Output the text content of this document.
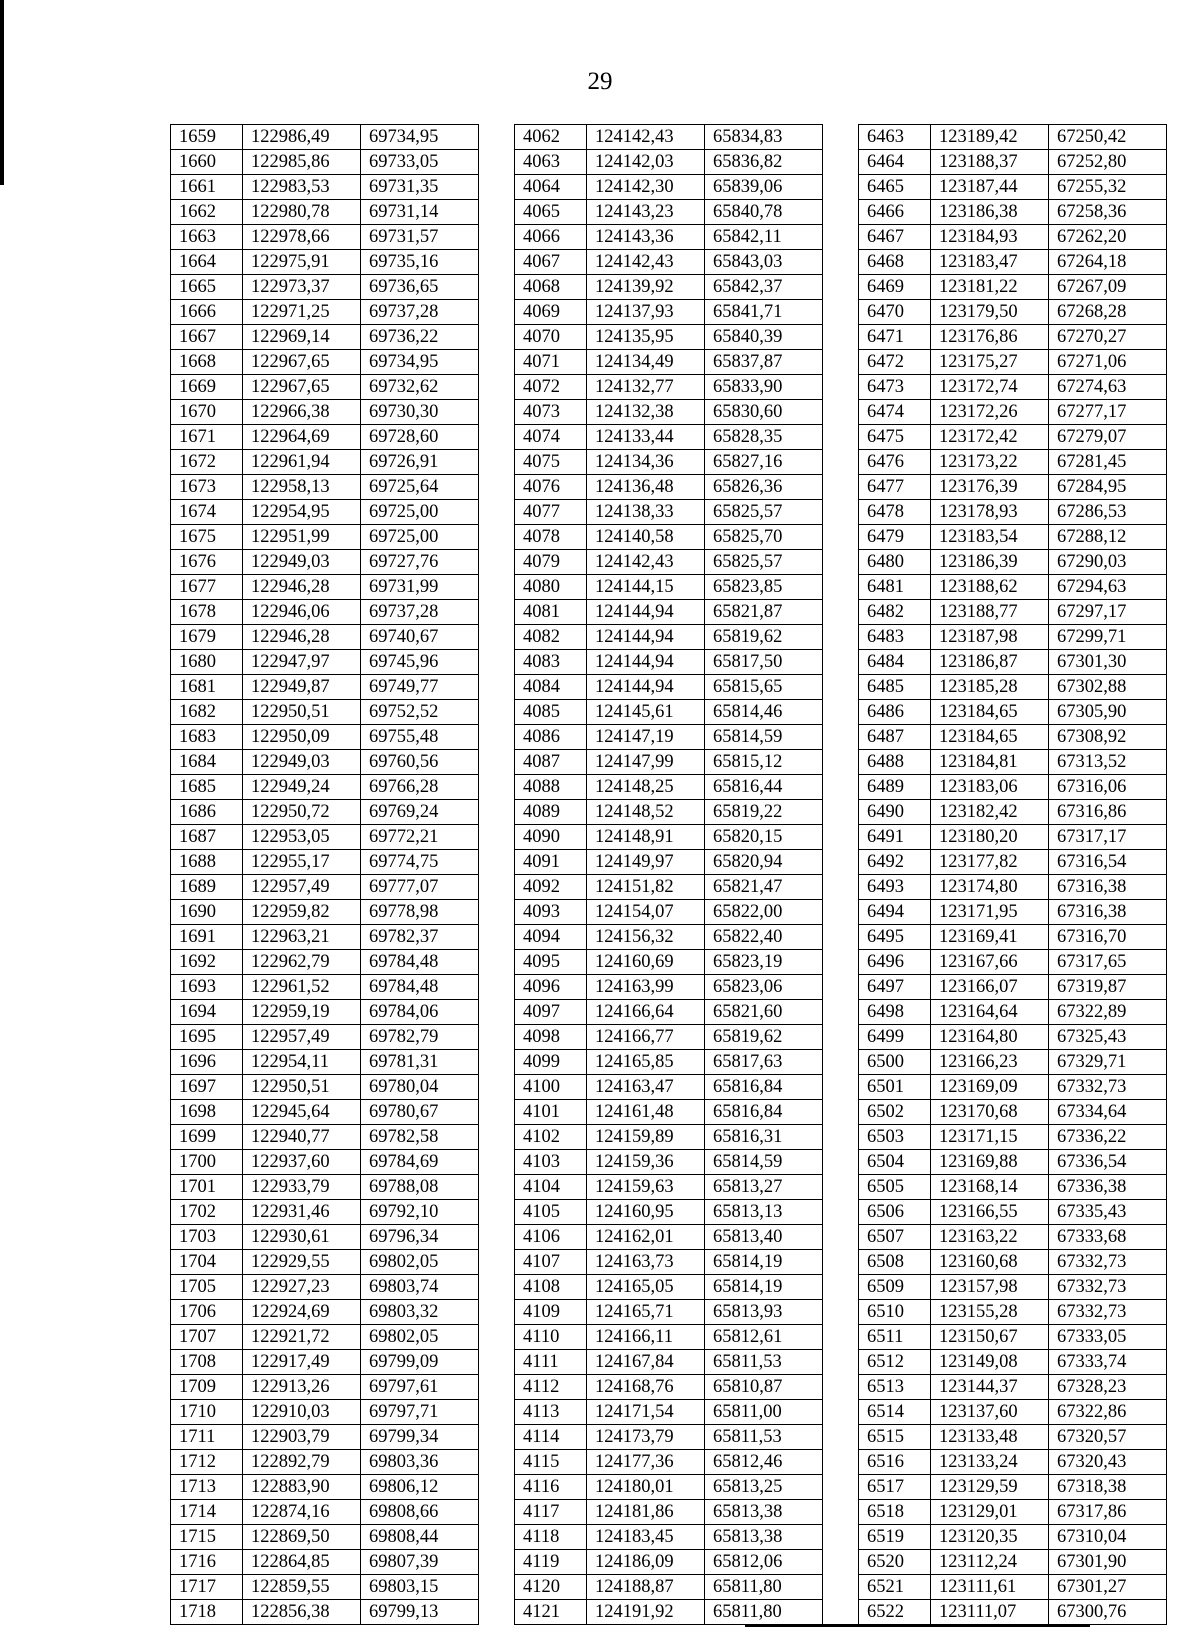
29
1659	122986,49	69734,95		4062	124142,43	65834,83		6463	123189,42	67250,42
1660	122985,86	69733,05		4063	124142,03	65836,82		6464	123188,37	67252,80
1661	122983,53	69731,35		4064	124142,30	65839,06		6465	123187,44	67255,32
1662	122980,78	69731,14		4065	124143,23	65840,78		6466	123186,38	67258,36
1663	122978,66	69731,57		4066	124143,36	65842,11		6467	123184,93	67262,20
1664	122975,91	69735,16		4067	124142,43	65843,03		6468	123183,47	67264,18
1665	122973,37	69736,65		4068	124139,92	65842,37		6469	123181,22	67267,09
1666	122971,25	69737,28		4069	124137,93	65841,71		6470	123179,50	67268,28
1667	122969,14	69736,22		4070	124135,95	65840,39		6471	123176,86	67270,27
1668	122967,65	69734,95		4071	124134,49	65837,87		6472	123175,27	67271,06
1669	122967,65	69732,62		4072	124132,77	65833,90		6473	123172,74	67274,63
1670	122966,38	69730,30		4073	124132,38	65830,60		6474	123172,26	67277,17
1671	122964,69	69728,60		4074	124133,44	65828,35		6475	123172,42	67279,07
1672	122961,94	69726,91		4075	124134,36	65827,16		6476	123173,22	67281,45
1673	122958,13	69725,64		4076	124136,48	65826,36		6477	123176,39	67284,95
1674	122954,95	69725,00		4077	124138,33	65825,57		6478	123178,93	67286,53
1675	122951,99	69725,00		4078	124140,58	65825,70		6479	123183,54	67288,12
1676	122949,03	69727,76		4079	124142,43	65825,57		6480	123186,39	67290,03
1677	122946,28	69731,99		4080	124144,15	65823,85		6481	123188,62	67294,63
1678	122946,06	69737,28		4081	124144,94	65821,87		6482	123188,77	67297,17
1679	122946,28	69740,67		4082	124144,94	65819,62		6483	123187,98	67299,71
1680	122947,97	69745,96		4083	124144,94	65817,50		6484	123186,87	67301,30
1681	122949,87	69749,77		4084	124144,94	65815,65		6485	123185,28	67302,88
1682	122950,51	69752,52		4085	124145,61	65814,46		6486	123184,65	67305,90
1683	122950,09	69755,48		4086	124147,19	65814,59		6487	123184,65	67308,92
1684	122949,03	69760,56		4087	124147,99	65815,12		6488	123184,81	67313,52
1685	122949,24	69766,28		4088	124148,25	65816,44		6489	123183,06	67316,06
1686	122950,72	69769,24		4089	124148,52	65819,22		6490	123182,42	67316,86
1687	122953,05	69772,21		4090	124148,91	65820,15		6491	123180,20	67317,17
1688	122955,17	69774,75		4091	124149,97	65820,94		6492	123177,82	67316,54
1689	122957,49	69777,07		4092	124151,82	65821,47		6493	123174,80	67316,38
1690	122959,82	69778,98		4093	124154,07	65822,00		6494	123171,95	67316,38
1691	122963,21	69782,37		4094	124156,32	65822,40		6495	123169,41	67316,70
1692	122962,79	69784,48		4095	124160,69	65823,19		6496	123167,66	67317,65
1693	122961,52	69784,48		4096	124163,99	65823,06		6497	123166,07	67319,87
1694	122959,19	69784,06		4097	124166,64	65821,60		6498	123164,64	67322,89
1695	122957,49	69782,79		4098	124166,77	65819,62		6499	123164,80	67325,43
1696	122954,11	69781,31		4099	124165,85	65817,63		6500	123166,23	67329,71
1697	122950,51	69780,04		4100	124163,47	65816,84		6501	123169,09	67332,73
1698	122945,64	69780,67		4101	124161,48	65816,84		6502	123170,68	67334,64
1699	122940,77	69782,58		4102	124159,89	65816,31		6503	123171,15	67336,22
1700	122937,60	69784,69		4103	124159,36	65814,59		6504	123169,88	67336,54
1701	122933,79	69788,08		4104	124159,63	65813,27		6505	123168,14	67336,38
1702	122931,46	69792,10		4105	124160,95	65813,13		6506	123166,55	67335,43
1703	122930,61	69796,34		4106	124162,01	65813,40		6507	123163,22	67333,68
1704	122929,55	69802,05		4107	124163,73	65814,19		6508	123160,68	67332,73
1705	122927,23	69803,74		4108	124165,05	65814,19		6509	123157,98	67332,73
1706	122924,69	69803,32		4109	124165,71	65813,93		6510	123155,28	67332,73
1707	122921,72	69802,05		4110	124166,11	65812,61		6511	123150,67	67333,05
1708	122917,49	69799,09		4111	124167,84	65811,53		6512	123149,08	67333,74
1709	122913,26	69797,61		4112	124168,76	65810,87		6513	123144,37	67328,23
1710	122910,03	69797,71		4113	124171,54	65811,00		6514	123137,60	67322,86
1711	122903,79	69799,34		4114	124173,79	65811,53		6515	123133,48	67320,57
1712	122892,79	69803,36		4115	124177,36	65812,46		6516	123133,24	67320,43
1713	122883,90	69806,12		4116	124180,01	65813,25		6517	123129,59	67318,38
1714	122874,16	69808,66		4117	124181,86	65813,38		6518	123129,01	67317,86
1715	122869,50	69808,44		4118	124183,45	65813,38		6519	123120,35	67310,04
1716	122864,85	69807,39		4119	124186,09	65812,06		6520	123112,24	67301,90
1717	122859,55	69803,15		4120	124188,87	65811,80		6521	123111,61	67301,27
1718	122856,38	69799,13		4121	124191,92	65811,80		6522	123111,07	67300,76
